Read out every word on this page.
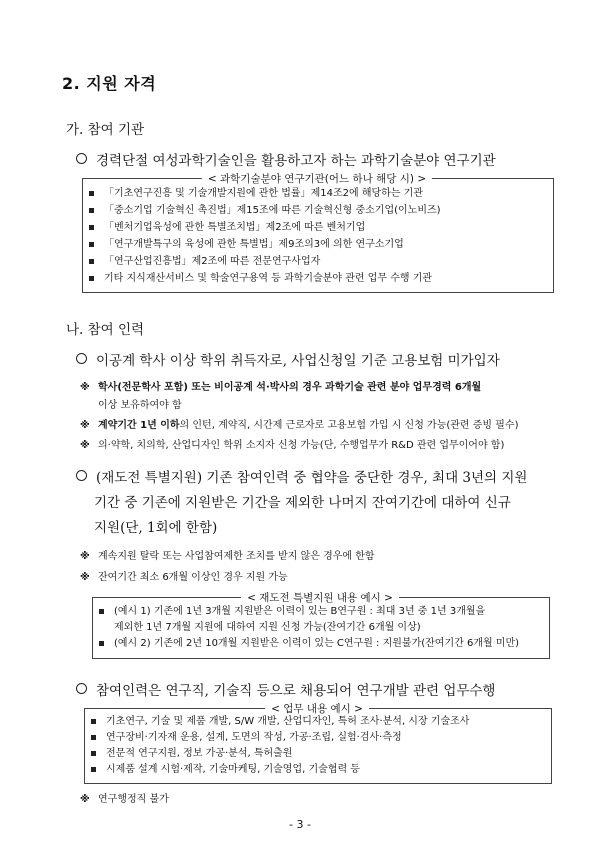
2. 지원 자격
가. 참여 기관
경력단절 여성과학기술인을 활용하고자 하는 과학기술분야 연구기관
< 과학기술분야 연구기관(어느 하나 해당 시) >
「기초연구진흥 및 기술개발지원에 관한 법률」제14조2에 해당하는 기관
「중소기업 기술혁신 촉진법」제15조에 따른 기술혁신형 중소기업(이노비즈)
「벤처기업육성에 관한 특별조치법」제2조에 따른 벤처기업
「연구개발특구의 육성에 관한 특별법」제9조의3에 의한 연구소기업
「연구산업진흥법」제2조에 따른 전문연구사업자
기타 지식재산서비스 및 학술연구용역 등 과학기술분야 관련 업무 수행 기관
나. 참여 인력
이공계 학사 이상 학위 취득자로, 사업신청일 기준 고용보험 미가입자
※ 학사(전문학사 포함) 또는 비이공계 석·박사의 경우 과학기술 관련 분야 업무경력 6개월
이상 보유하여야 함
※ 계약기간 1년 이하의 인턴, 계약직, 시간제 근로자로 고용보험 가입 시 신청 가능(관련 증빙 필수)
※ 의·약학, 치의학, 산업디자인 학위 소지자 신청 가능(단, 수행업무가 R&D 관련 업무이어야 함)
(재도전 특별지원) 기존 참여인력 중 협약을 중단한 경우, 최대 3년의 지원
기간 중 기존에 지원받은 기간을 제외한 나머지 잔여기간에 대하여 신규
지원(단, 1회에 한함)
※ 계속지원 탈락 또는 사업참여제한 조치를 받지 않은 경우에 한함
※ 잔여기간 최소 6개월 이상인 경우 지원 가능
< 재도전 특별지원 내용 예시 >
(예시 1) 기존에 1년 3개월 지원받은 이력이 있는 B연구원 : 최대 3년 중 1년 3개월을
제외한 1년 7개월 지원에 대하여 지원 신청 가능(잔여기간 6개월 이상)
(예시 2) 기존에 2년 10개월 지원받은 이력이 있는 C연구원 : 지원불가(잔여기간 6개월 미만)
참여인력은 연구직, 기술직 등으로 채용되어 연구개발 관련 업무수행
< 업무 내용 예시 >
기초연구, 기술 및 제품 개발, S/W 개발, 산업디자인, 특허 조사·분석, 시장 기술조사
연구장비·기자재 운용, 설계, 도면의 작성, 가공·조립, 실험·검사·측정
전문적 연구지원, 정보 가공·분석, 특허출원
시제품 설계 시험·제작, 기술마케팅, 기술영업, 기술협력 등
※ 연구행정직 불가
- 3 -
